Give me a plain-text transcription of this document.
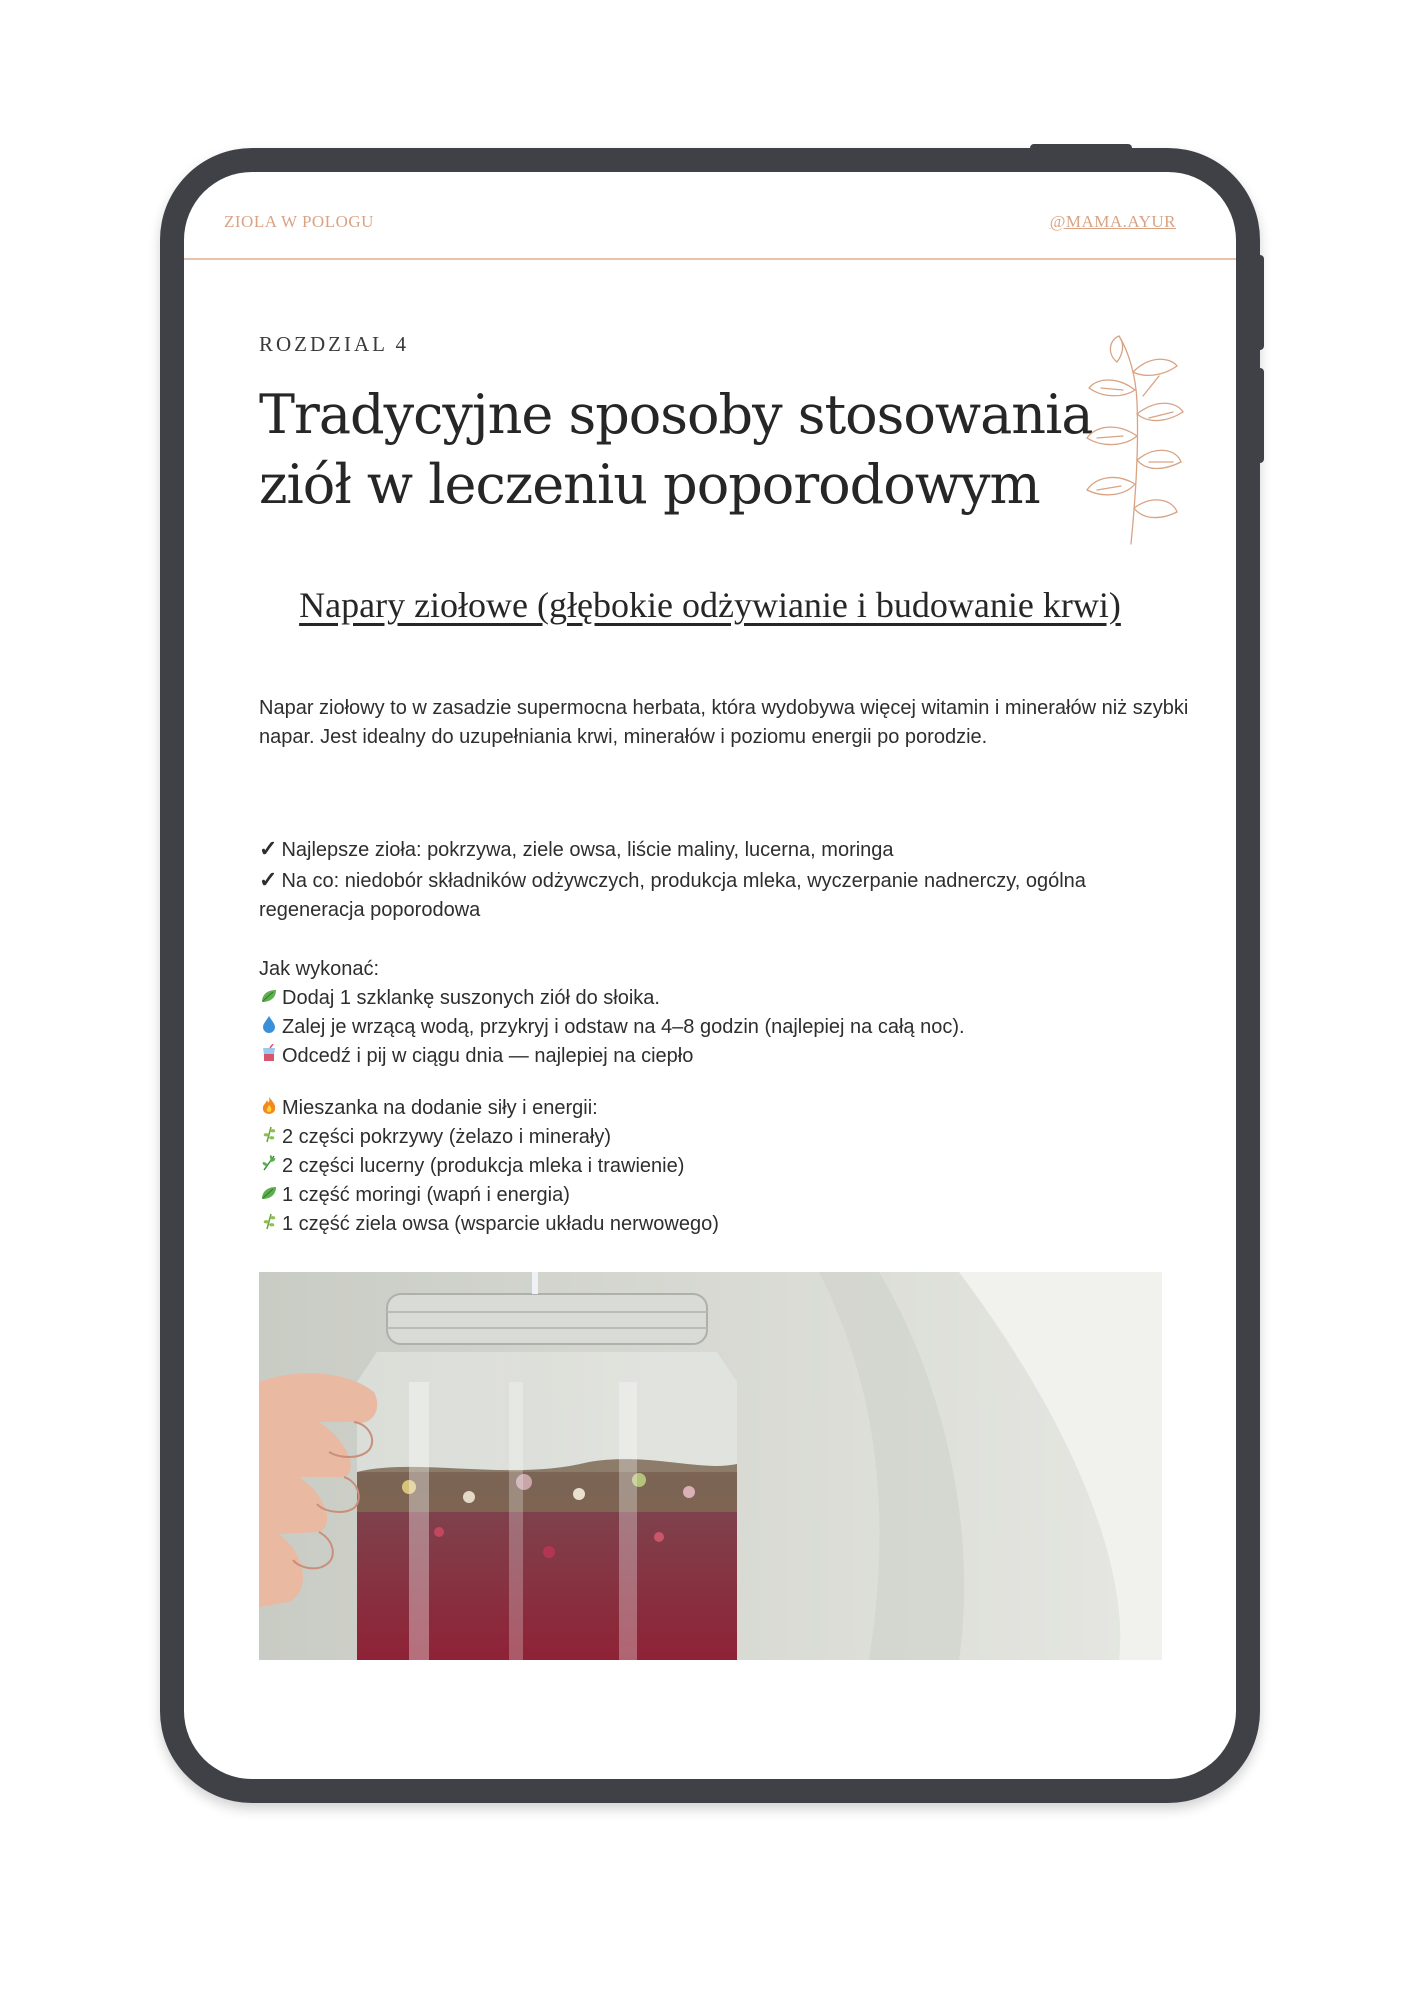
ZIOLA W POLOGU	@MAMA.AYUR
ROZDZIAL 4
Tradycyjne sposoby stosowania
ziół w leczeniu poporodowym
Napary ziołowe (głębokie odżywianie i budowanie krwi)
Napar ziołowy to w zasadzie supermocna herbata, która wydobywa więcej witamin i minerałów niż szybki napar. Jest idealny do uzupełniania krwi, minerałów i poziomu energii po porodzie.
✓ Najlepsze zioła: pokrzywa, ziele owsa, liście maliny, lucerna, moringa
✓ Na co: niedobór składników odżywczych, produkcja mleka, wyczerpanie nadnerczy, ogólna regeneracja poporodowa
Jak wykonać:
Dodaj 1 szklankę suszonych ziół do słoika.
Zalej je wrzącą wodą, przykryj i odstaw na 4–8 godzin (najlepiej na całą noc).
Odcedź i pij w ciągu dnia — najlepiej na ciepło
Mieszanka na dodanie siły i energii:
2 części pokrzywy (żelazo i minerały)
2 części lucerny (produkcja mleka i trawienie)
1 część moringi (wapń i energia)
1 część ziela owsa (wsparcie układu nerwowego)
